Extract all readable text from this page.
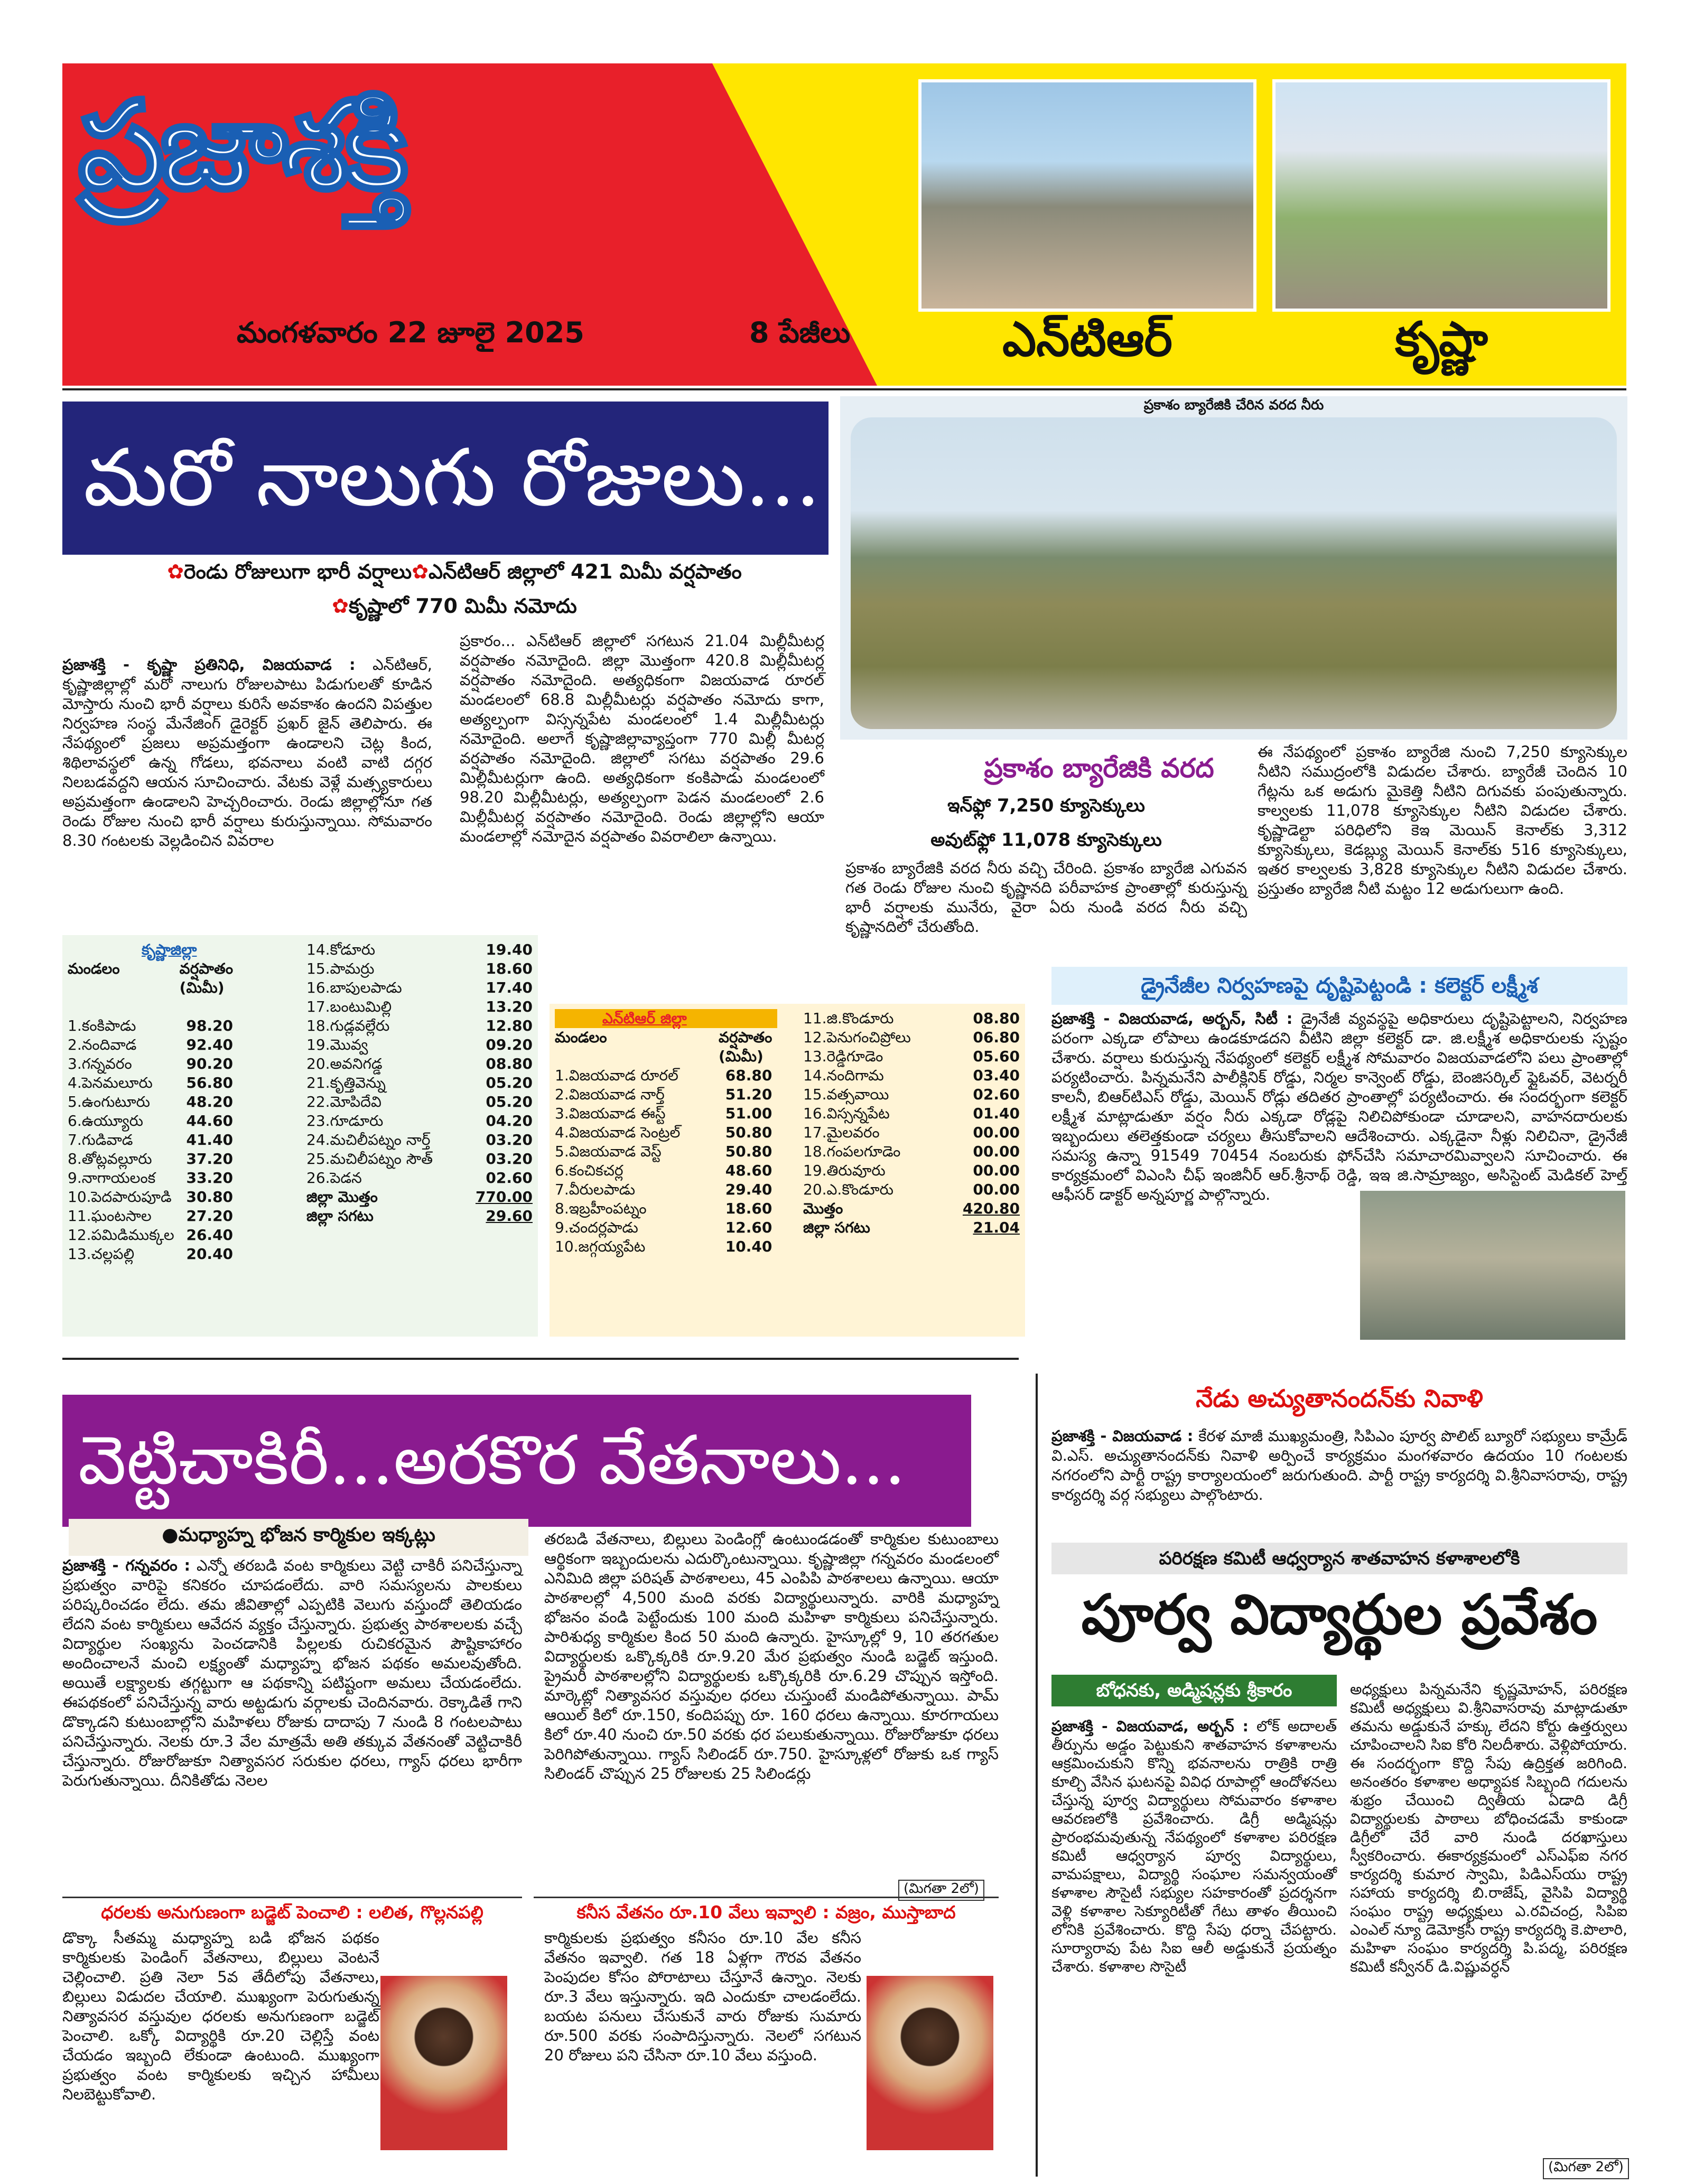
ప్రజాశక్తి
మంగళవారం 22 జూలై 2025	8 పేజీలు	ఎన్‌టిఆర్	కృష్ణా
మరో నాలుగు రోజులు...
✿రెండు రోజులుగా భారీ వర్షాలు✿ఎన్‌టిఆర్ జిల్లాలో 421 మిమీ వర్షపాతం
✿కృష్ణాలో 770 మిమీ నమోదు
ప్రజాశక్తి - కృష్ణా ప్రతినిధి, విజయవాడ : ఎన్‌టిఆర్, కృష్ణాజిల్లాల్లో మరో నాలుగు రోజులపాటు పిడుగులతో కూడిన మోస్తారు నుంచి భారీ వర్షాలు కురిసే అవకాశం ఉందని విపత్తుల నిర్వహణ సంస్థ మేనేజింగ్ డైరెక్టర్ ప్రఖర్ జైన్ తెలిపారు. ఈ నేపథ్యంలో ప్రజలు అప్రమత్తంగా ఉండాలని చెట్ల కింద, శిథిలావస్థలో ఉన్న గోడలు, భవనాలు వంటి వాటి దగ్గర నిలబడవద్దని ఆయన సూచించారు. వేటకు వెళ్లే మత్స్యకారులు అప్రమత్తంగా ఉండాలని హెచ్చరించారు. రెండు జిల్లాల్లోనూ గత రెండు రోజుల నుంచి భారీ వర్షాలు కురుస్తున్నాయి. సోమవారం 8.30 గంటలకు వెల్లడించిన వివరాల
ప్రకారం... ఎన్‌టిఆర్ జిల్లాలో సగటున 21.04 మిల్లీమీటర్ల వర్షపాతం నమోదైంది. జిల్లా మొత్తంగా 420.8 మిల్లీమీటర్ల వర్షపాతం నమోదైంది. అత్యధికంగా విజయవాడ రూరల్ మండలంలో 68.8 మిల్లీమీటర్లు వర్షపాతం నమోదు కాగా, అత్యల్పంగా విస్సన్నపేట మండలంలో 1.4 మిల్లీమీటర్లు నమోదైంది. అలాగే కృష్ణాజిల్లావ్యాప్తంగా 770 మిల్లీ మీటర్ల వర్షపాతం నమోదైంది. జిల్లాలో సగటు వర్షపాతం 29.6 మిల్లీమీటర్లుగా ఉంది. అత్యధికంగా కంకిపాడు మండలంలో 98.20 మిల్లీమీటర్లు, అత్యల్పంగా పెడన మండలంలో 2.6 మిల్లీమీటర్ల వర్షపాతం నమోదైంది. రెండు జిల్లాల్లోని ఆయా మండలాల్లో నమోదైన వర్షపాతం వివరాలిలా ఉన్నాయి.
కృష్ణాజిల్లా	
మండలం	వర్షపాతం
	(మిమీ)

1.కంకిపాడు	98.20
2.నందివాడ	92.40
3.గన్నవరం	90.20
4.పెనమలూరు	56.80
5.ఉంగుటూరు	48.20
6.ఉయ్యూరు	44.60
7.గుడివాడ	41.40
8.తోట్లవల్లూరు	37.20
9.నాగాయలంక	33.20
10.పెదపారుపూడి	30.80
11.ఘంటసాల	27.20
12.పమిడిముక్కల	26.40
13.చల్లపల్లి	20.40
14.కోడూరు	19.40
15.పామర్రు	18.60
16.బాపులపాడు	17.40
17.బంటుమిల్లి	13.20
18.గుడ్లవల్లేరు	12.80
19.మొవ్వ	09.20
20.అవనిగడ్డ	08.80
21.కృత్తివెన్ను	05.20
22.మోపిదేవి	05.20
23.గూడూరు	04.20
24.మచిలీపట్నం నార్త్	03.20
25.మచిలీపట్నం సౌత్	03.20
26.పెడన	02.60
జిల్లా మొత్తం	770.00
జిల్లా సగటు	29.60
ఎన్‌టిఆర్ జిల్లా	
మండలం	వర్షపాతం
	(మిమీ)
1.విజయవాడ రూరల్	68.80
2.విజయవాడ నార్త్	51.20
3.విజయవాడ ఈస్ట్	51.00
4.విజయవాడ సెంట్రల్	50.80
5.విజయవాడ వెస్ట్	50.80
6.కంచికచర్ల	48.60
7.వీరులపాడు	29.40
8.ఇబ్రహీంపట్నం	18.60
9.చందర్లపాడు	12.60
10.జగ్గయ్యపేట	10.40
11.జి.కొండూరు	08.80
12.పెనుగంచిప్రోలు	06.80
13.రెడ్డిగూడెం	05.60
14.నందిగామ	03.40
15.వత్సవాయి	02.60
16.విస్సన్నపేట	01.40
17.మైలవరం	00.00
18.గంపలగూడెం	00.00
19.తిరువూరు	00.00
20.ఎ.కొండూరు	00.00
మొత్తం	420.80
జిల్లా సగటు	21.04
ప్రకాశం బ్యారేజికి చేరిన వరద నీరు
ప్రకాశం బ్యారేజికి వరద
ఇన్‌ఫ్లో 7,250 క్యూసెక్కులు
అవుట్‌ఫ్లో 11,078 క్యూసెక్కులు
ప్రకాశం బ్యారేజికి వరద నీరు వచ్చి చేరింది. ప్రకాశం బ్యారేజి ఎగువన గత రెండు రోజుల నుంచి కృష్ణానది పరీవాహక ప్రాంతాల్లో కురుస్తున్న భారీ వర్షాలకు మునేరు, వైరా ఏరు నుండి వరద నీరు వచ్చి కృష్ణానదిలో చేరుతోంది.
ఈ నేపథ్యంలో ప్రకాశం బ్యారేజి నుంచి 7,250 క్యూసెక్కుల నీటిని సముద్రంలోకి విడుదల చేశారు. బ్యారేజీ చెందిన 10 గేట్లను ఒక అడుగు మైకెత్తి నీటిని దిగువకు పంపుతున్నారు. కాల్వలకు 11,078 క్యూసెక్కుల నీటిని విడుదల చేశారు. కృష్ణాడెల్టా పరిధిలోని కెఇ మెయిన్ కెనాల్‌కు 3,312 క్యూసెక్కులు, కెడబ్ల్యు మెయిన్ కెనాల్‌కు 516 క్యూసెక్కులు, ఇతర కాల్వలకు 3,828 క్యూసెక్కుల నీటిని విడుదల చేశారు. ప్రస్తుతం బ్యారేజి నీటి మట్టం 12 అడుగులుగా ఉంది.
డ్రైనేజీల నిర్వహణపై దృష్టిపెట్టండి : కలెక్టర్ లక్ష్మీశ
ప్రజాశక్తి - విజయవాడ, అర్బన్, సిటీ : డ్రైనేజీ వ్యవస్థపై అధికారులు దృష్టిపెట్టాలని, నిర్వహణ పరంగా ఎక్కడా లోపాలు ఉండకూడదని వీటిని జిల్లా కలెక్టర్ డా. జి.లక్ష్మీశ అధికారులకు స్పష్టం చేశారు. వర్షాలు కురుస్తున్న నేపథ్యంలో కలెక్టర్ లక్ష్మీశ సోమవారం విజయవాడలోని పలు ప్రాంతాల్లో పర్యటించారు. పిన్నమనేని పాలీక్లినిక్ రోడ్డు, నిర్మల కాన్వెంట్ రోడ్డు, బెంజిసర్కిల్ ఫ్లైఓవర్, వెటర్నరీ కాలనీ, బిఆర్‌టిఎస్ రోడ్డు, మెయిన్ రోడ్లు తదితర ప్రాంతాల్లో పర్యటించారు. ఈ సందర్భంగా కలెక్టర్ లక్ష్మీశ మాట్లాడుతూ వర్షం నీరు ఎక్కడా రోడ్లపై నిలిచిపోకుండా చూడాలని, వాహనదారులకు ఇబ్బందులు తలెత్తకుండా చర్యలు తీసుకోవాలని ఆదేశించారు. ఎక్కడైనా నీళ్లు నిలిచినా, డ్రైనేజీ సమస్య ఉన్నా 91549 70454 నంబరుకు ఫోన్‌చేసి సమాచారమివ్వాలని సూచించారు. ఈ కార్యక్రమంలో విఎంసి చీఫ్ ఇంజినీర్ ఆర్.శ్రీనాథ్ రెడ్డి, ఇఇ జి.సామ్రాజ్యం, అసిస్టెంట్ మెడికల్ హెల్త్ ఆఫీసర్ డాక్టర్ అన్నపూర్ణ పాల్గొన్నారు.
వెట్టిచాకిరీ...అరకొర వేతనాలు...
●మధ్యాహ్న భోజన కార్మికుల ఇక్కట్లు
ప్రజాశక్తి - గన్నవరం : ఎన్నో తరబడి వంట కార్మికులు వెట్టి చాకిరీ పనిచేస్తున్నా ప్రభుత్వం వారిపై కనికరం చూపడంలేదు. వారి సమస్యలను పాలకులు పరిష్కరించడం లేదు. తమ జీవితాల్లో ఎప్పటికి వెలుగు వస్తుందో తెలియడం లేదని వంట కార్మికులు ఆవేదన వ్యక్తం చేస్తున్నారు. ప్రభుత్వ పాఠశాలలకు వచ్చే విద్యార్థుల సంఖ్యను పెంచడానికి పిల్లలకు రుచికరమైన పౌష్టికాహారం అందించాలనే మంచి లక్ష్యంతో మధ్యాహ్న భోజన పథకం అమలవుతోంది. అయితే లక్ష్యాలకు తగ్గట్టుగా ఆ పథకాన్ని పటిష్టంగా అమలు చేయడంలేదు. ఈపథకంలో పనిచేస్తున్న వారు అట్టడుగు వర్గాలకు చెందినవారు. రెక్కాడితే గాని డొక్కాడని కుటుంబాల్లోని మహిళలు రోజుకు దాదాపు 7 నుండి 8 గంటలపాటు పనిచేస్తున్నారు. నెలకు రూ.3 వేల మాత్రమే అతి తక్కువ వేతనంతో వెట్టిచాకిరీ చేస్తున్నారు. రోజురోజుకూ నిత్యావసర సరుకుల ధరలు, గ్యాస్ ధరలు భారీగా పెరుగుతున్నాయి. దీనికితోడు నెలల
తరబడి వేతనాలు, బిల్లులు పెండింగ్లో ఉంటుండడంతో కార్మికుల కుటుంబాలు ఆర్థికంగా ఇబ్బందులను ఎదుర్కొంటున్నాయి. కృష్ణాజిల్లా గన్నవరం మండలంలో ఎనిమిది జిల్లా పరిషత్ పాఠశాలలు, 45 ఎంపిపి పాఠశాలలు ఉన్నాయి. ఆయా పాఠశాలల్లో 4,500 మంది వరకు విద్యార్థులున్నారు. వారికి మధ్యాహ్న భోజనం వండి పెట్టేందుకు 100 మంది మహిళా కార్మికులు పనిచేస్తున్నారు. పారిశుధ్య కార్మికుల కింద 50 మంది ఉన్నారు. హైస్కూల్లో 9, 10 తరగతుల విద్యార్థులకు ఒక్కొక్కరికి రూ.9.20 మేర ప్రభుత్వం నుండి బడ్జెట్ ఇస్తుంది. ప్రైమరీ పాఠశాలల్లోని విద్యార్థులకు ఒక్కొక్కరికి రూ.6.29 చొప్పున ఇస్తోంది. మార్కెట్లో నిత్యావసర వస్తువుల ధరలు చుస్తుంటే మండిపోతున్నాయి. పామ్ ఆయిల్ కిలో రూ.150, కందిపప్పు రూ. 160 ధరలు ఉన్నాయి. కూరగాయలు కిలో రూ.40 నుంచి రూ.50 వరకు ధర పలుకుతున్నాయి. రోజురోజుకూ ధరలు పెరిగిపోతున్నాయి. గ్యాస్ సిలిండర్ రూ.750. హైస్కూళ్లలో రోజుకు ఒక గ్యాస్ సిలిండర్ చొప్పున 25 రోజులకు 25 సిలిండర్లు
(మిగతా 2లో)
ధరలకు అనుగుణంగా బడ్జెట్ పెంచాలి : లలిత, గొల్లనపల్లి
డొక్కా సీతమ్మ మధ్యాహ్న బడి భోజన పథకం కార్మికులకు పెండింగ్ వేతనాలు, బిల్లులు వెంటనే చెల్లించాలి. ప్రతి నెలా 5వ తేదీలోపు వేతనాలు, బిల్లులు విడుదల చేయాలి. ముఖ్యంగా పెరుగుతున్న నిత్యావసర వస్తువుల ధరలకు అనుగుణంగా బడ్జెట్ పెంచాలి. ఒక్కో విద్యార్థికి రూ.20 చెల్లిస్తే వంట చేయడం ఇబ్బంది లేకుండా ఉంటుంది. ముఖ్యంగా ప్రభుత్వం వంట కార్మికులకు ఇచ్చిన హామీలు నిలబెట్టుకోవాలి.
కనీస వేతనం రూ.10 వేలు ఇవ్వాలి : వజ్రం, ముస్తాబాద
కార్మికులకు ప్రభుత్వం కనీసం రూ.10 వేల కనీస వేతనం ఇవ్వాలి. గత 18 ఏళ్లగా గౌరవ వేతనం పెంపుదల కోసం పోరాటాలు చేస్తూనే ఉన్నాం. నెలకు రూ.3 వేలు ఇస్తున్నారు. ఇది ఎందుకూ చాలడంలేదు. బయట పనులు చేసుకునే వారు రోజుకు సుమారు రూ.500 వరకు సంపాదిస్తున్నారు. నెలలో సగటున 20 రోజులు పని చేసినా రూ.10 వేలు వస్తుంది.
నేడు అచ్యుతానందన్‌కు నివాళి
ప్రజాశక్తి - విజయవాడ : కేరళ మాజీ ముఖ్యమంత్రి, సిపిఎం పూర్వ పొలిట్ బ్యూరో సభ్యులు కామ్రేడ్ వి.ఎస్. అచ్యుతానందన్‌కు నివాళి అర్పించే కార్యక్రమం మంగళవారం ఉదయం 10 గంటలకు నగరంలోని పార్టీ రాష్ట్ర కార్యాలయంలో జరుగుతుంది. పార్టీ రాష్ట్ర కార్యదర్శి వి.శ్రీనివాసరావు, రాష్ట్ర కార్యదర్శి వర్గ సభ్యులు పాల్గొంటారు.
పరిరక్షణ కమిటీ ఆధ్వర్యాన శాతవాహన కళాశాలలోకి
పూర్వ విద్యార్థుల ప్రవేశం
బోధనకు, అడ్మిషన్లకు శ్రీకారం
ప్రజాశక్తి - విజయవాడ, అర్బన్ : లోక్ అదాలత్ తీర్పును అడ్డం పెట్టుకుని శాతవాహన కళాశాలను ఆక్రమించుకుని కొన్ని భవనాలను రాత్రికి రాత్రి కూల్చి వేసిన ఘటనపై వివిధ రూపాల్లో ఆందోళనలు చేస్తున్న పూర్వ విద్యార్థులు సోమవారం కళాశాల ఆవరణలోకి ప్రవేశించారు. డిగ్రీ అడ్మిషన్లు ప్రారంభమవుతున్న నేపథ్యంలో కళాశాల పరిరక్షణ కమిటీ ఆధ్వర్యాన పూర్వ విద్యార్థులు, వామపక్షాలు, విద్యార్థి సంఘాల సమన్వయంతో కళాశాల సౌసైటీ సభ్యుల సహకారంతో ప్రదర్శనగా వెళ్లి కళాశాల సెక్యూరిటీతో గేటు తాళం తీయించి లోనికి ప్రవేశించారు. కొద్ది సేపు ధర్నా చేపట్టారు. సూర్యారావు పేట సిఐ ఆలీ అడ్డుకునే ప్రయత్నం చేశారు. కళాశాల సొసైటీ
అధ్యక్షులు పిన్నమనేని కృష్ణమోహన్, పరిరక్షణ కమిటీ అధ్యక్షులు వి.శ్రీనివాసరావు మాట్లాడుతూ తమను అడ్డుకునే హక్కు లేదని కోర్టు ఉత్తర్వులు చూపించాలని సిఐ కోరి నిలదీశారు. వెళ్లిపోయారు. ఈ సందర్భంగా కొద్ది సేపు ఉద్రిక్తత జరిగింది. అనంతరం కళాశాల అధ్యాపక సిబ్బంది గదులను శుభ్రం చేయించి ద్వితీయ ఏడాది డిగ్రీ విద్యార్థులకు పాఠాలు బోధించడమే కాకుండా డిగ్రీలో చేరే వారి నుండి దరఖాస్తులు స్వీకరించారు. ఈకార్యక్రమంలో ఎస్‌ఎఫ్ఐ నగర కార్యదర్శి కుమార స్వామి, పిడిఎస్‌యు రాష్ట్ర సహాయ కార్యదర్శి బి.రాజేష్, వైసిపి విద్యార్థి సంఘం రాష్ట్ర అధ్యక్షులు ఎ.రవిచంద్ర, సిపిఐ ఎంఎల్ న్యూ డెమోక్రసీ రాష్ట్ర కార్యదర్శి కె.పొలారి, మహిళా సంఘం కార్యదర్శి పి.పద్మ, పరిరక్షణ కమిటీ కన్వీనర్ డి.విష్ణువర్ధన్
(మిగతా 2లో)
